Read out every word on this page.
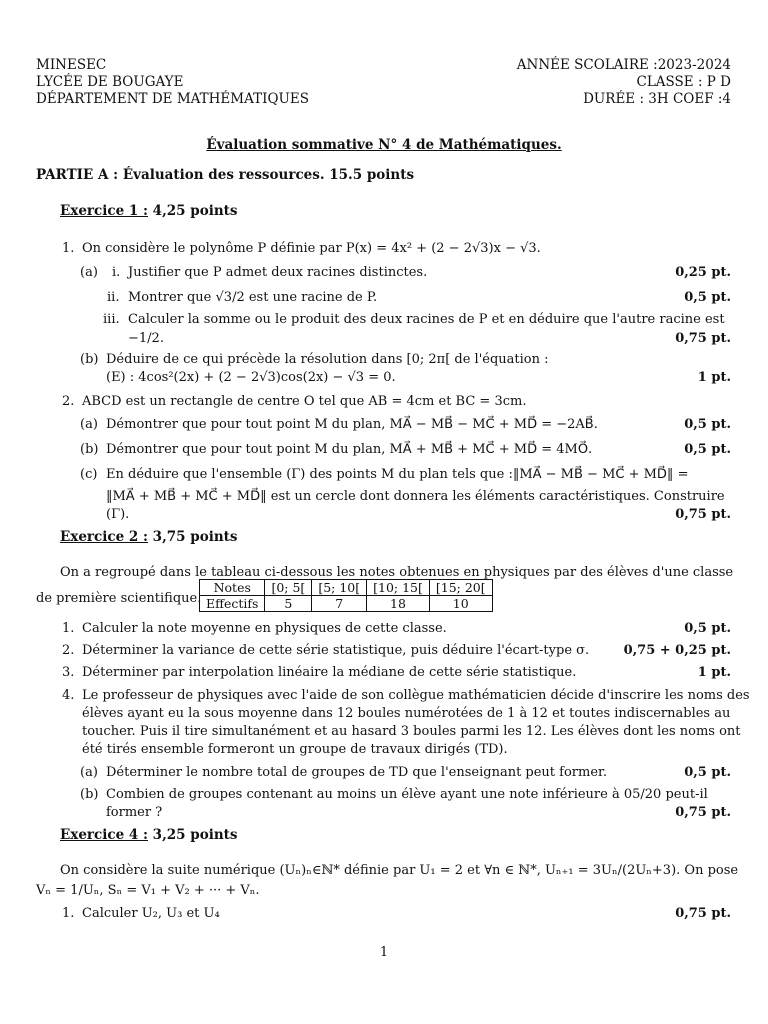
MINESEC
LYCÉE DE BOUGAYE
DÉPARTEMENT DE MATHÉMATIQUES
ANNÉE SCOLAIRE :2023-2024
CLASSE : P D
DURÉE : 3H COEF :4
Évaluation sommative N° 4 de Mathématiques.
PARTIE A : Évaluation des ressources. 15.5 points
Exercice 1 : 4,25 points
1. On considère le polynôme P définie par P(x) = 4x² + (2 − 2√3)x − √3.
(a) i. Justifier que P admet deux racines distinctes.	0,25 pt.
ii. Montrer que √3/2 est une racine de P.	0,5 pt.
iii. Calculer la somme ou le produit des deux racines de P et en déduire que l'autre racine est
−1/2.	0,75 pt.
(b) Déduire de ce qui précède la résolution dans [0; 2π[ de l'équation :
(E) : 4cos²(2x) + (2 − 2√3)cos(2x) − √3 = 0.	1 pt.
2. ABCD est un rectangle de centre O tel que AB = 4cm et BC = 3cm.
(a) Démontrer que pour tout point M du plan, MA⃗ − MB⃗ − MC⃗ + MD⃗ = −2AB⃗.	0,5 pt.
(b) Démontrer que pour tout point M du plan, MA⃗ + MB⃗ + MC⃗ + MD⃗ = 4MO⃗.	0,5 pt.
(c) En déduire que l'ensemble (Γ) des points M du plan tels que :‖MA⃗ − MB⃗ − MC⃗ + MD⃗‖ =
‖MA⃗ + MB⃗ + MC⃗ + MD⃗‖ est un cercle dont donnera les éléments caractéristiques. Construire
(Γ).	0,75 pt.
Exercice 2 : 3,75 points
On a regroupé dans le tableau ci-dessous les notes obtenues en physiques par des élèves d'une classe
de première scientifique.
Notes	[0; 5[	[5; 10[	[10; 15[	[15; 20[
Effectifs	5	7	18	10
1. Calculer la note moyenne en physiques de cette classe.	0,5 pt.
2. Déterminer la variance de cette série statistique, puis déduire l'écart-type σ.	0,75 + 0,25 pt.
3. Déterminer par interpolation linéaire la médiane de cette série statistique.	1 pt.
4. Le professeur de physiques avec l'aide de son collègue mathématicien décide d'inscrire les noms des
élèves ayant eu la sous moyenne dans 12 boules numérotées de 1 à 12 et toutes indiscernables au
toucher. Puis il tire simultanément et au hasard 3 boules parmi les 12. Les élèves dont les noms ont
été tirés ensemble formeront un groupe de travaux dirigés (TD).
(a) Déterminer le nombre total de groupes de TD que l'enseignant peut former.	0,5 pt.
(b) Combien de groupes contenant au moins un élève ayant une note inférieure à 05/20 peut-il
former ?	0,75 pt.
Exercice 4 : 3,25 points
On considère la suite numérique (Uₙ)ₙ∈ℕ* définie par U₁ = 2 et ∀n ∈ ℕ*, Uₙ₊₁ = 3Uₙ/(2Uₙ+3). On pose
Vₙ = 1/Uₙ, Sₙ = V₁ + V₂ + ··· + Vₙ.
1. Calculer U₂, U₃ et U₄	0,75 pt.
1
